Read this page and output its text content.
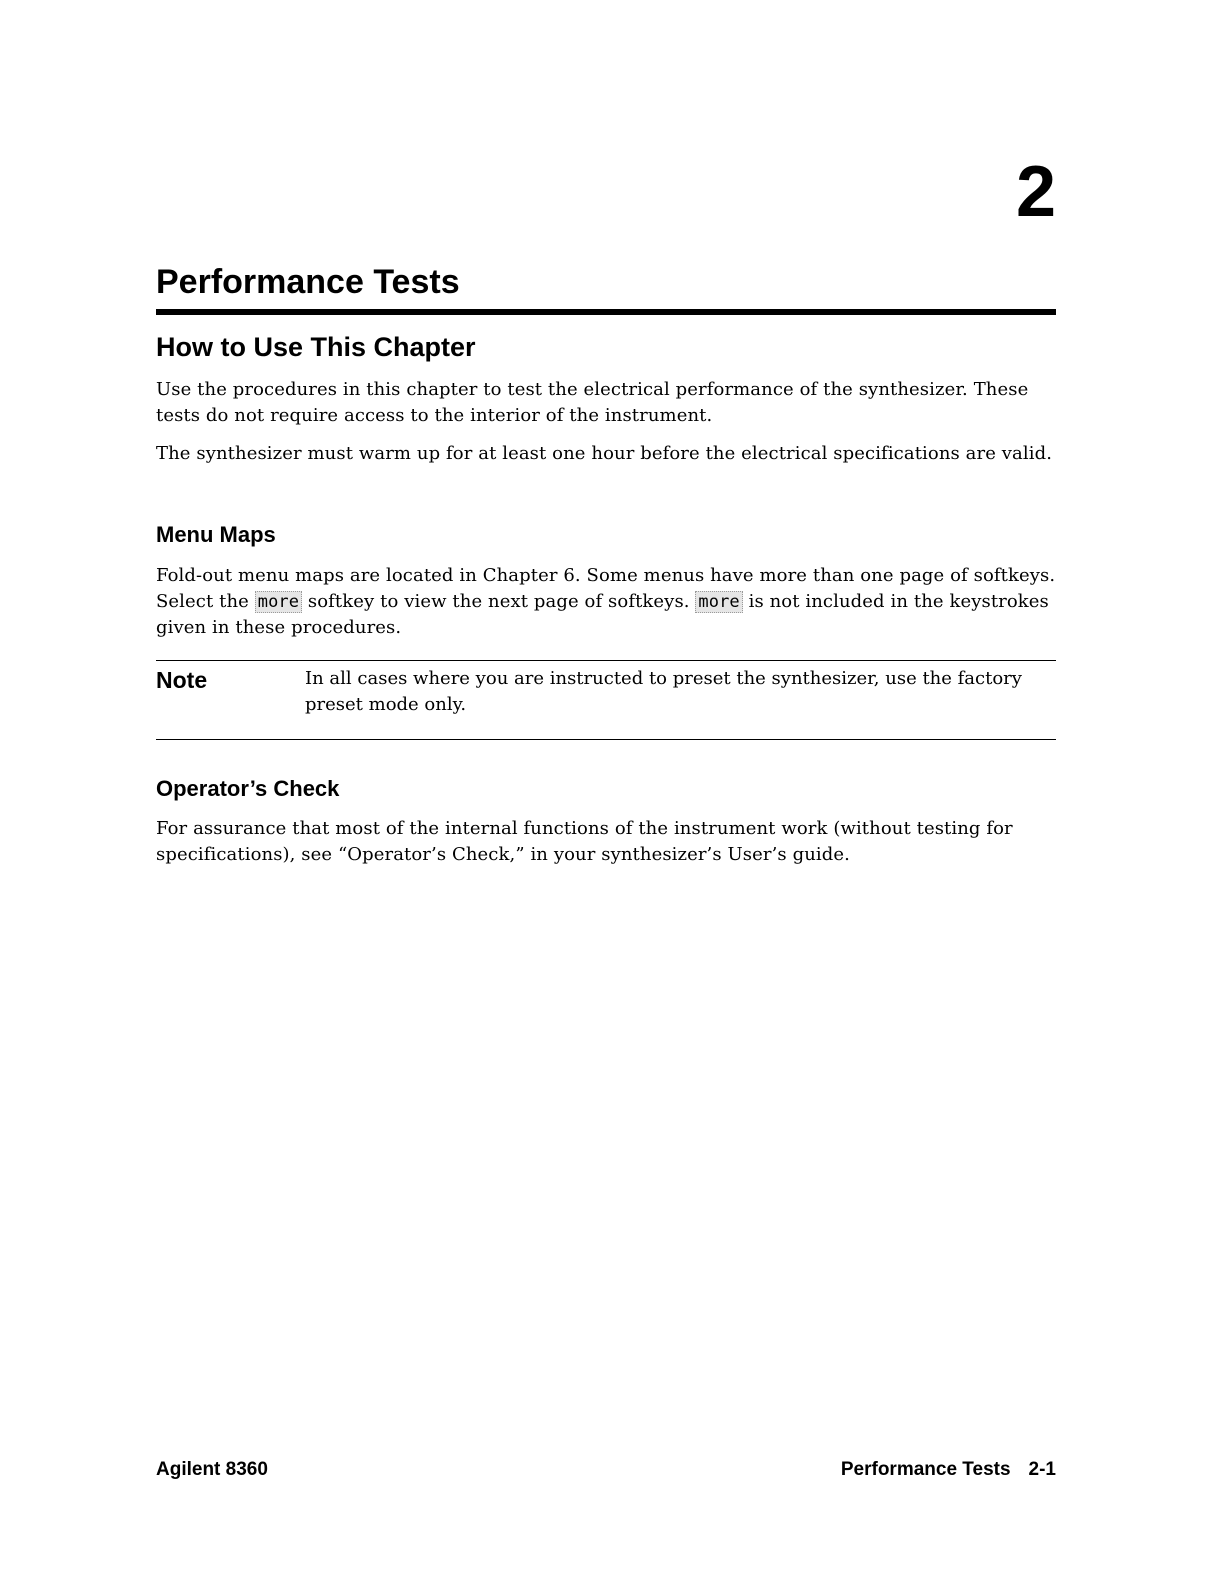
2
Performance Tests
How to Use This Chapter

Use the procedures in this chapter to test the electrical performance of the synthesizer. These tests do not require access to the interior of the instrument.

The synthesizer must warm up for at least one hour before the electrical specifications are valid.

Menu Maps

Fold-out menu maps are located in Chapter 6. Some menus have more than one page of softkeys. Select the more softkey to view the next page of softkeys. more is not included in the keystrokes given in these procedures.

Note	In all cases where you are instructed to preset the synthesizer, use the factory preset mode only.

Operator’s Check

For assurance that most of the internal functions of the instrument work (without testing for specifications), see “Operator’s Check,” in your synthesizer’s User’s guide.

Agilent 8360	Performance Tests 2-1
